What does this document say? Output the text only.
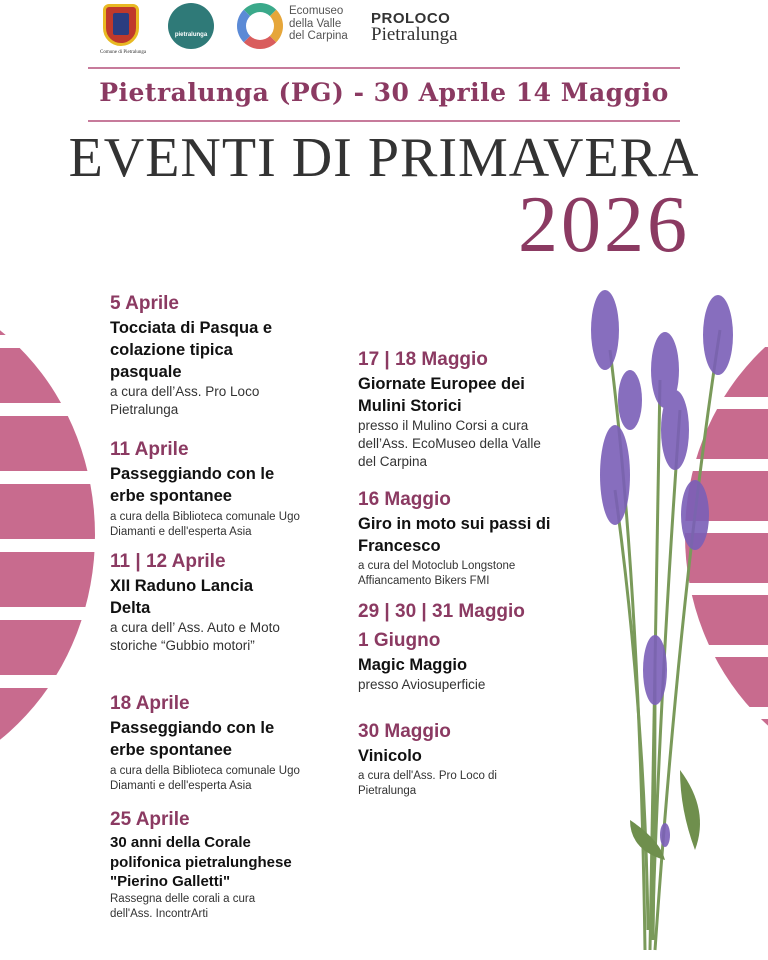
Comune di Pietralunga
pietralunga
Ecomuseo della Valle del Carpina
PROLOCO
Pietralunga
Pietralunga (PG) - 30 Aprile 14 Maggio
EVENTI DI PRIMAVERA
2026
5 Aprile
Tocciata di Pasqua e colazione tipica pasquale
a cura dell’Ass. Pro Loco Pietralunga
11 Aprile
Passeggiando con le erbe spontanee
a cura della Biblioteca comunale Ugo Diamanti e dell'esperta Asia
11 | 12 Aprile
XII Raduno Lancia Delta
a cura dell’ Ass. Auto e Moto storiche “Gubbio motori”
18 Aprile
Passeggiando con le erbe spontanee
a cura della Biblioteca comunale Ugo Diamanti e dell'esperta Asia
25 Aprile
30 anni della Corale polifonica pietralunghese "Pierino Galletti"
Rassegna delle corali a cura dell'Ass. IncontrArti
17 | 18 Maggio
Giornate Europee dei Mulini Storici
presso il Mulino Corsi a cura dell’Ass. EcoMuseo della Valle del Carpina
16 Maggio
Giro in moto sui passi di Francesco
a cura del Motoclub Longstone Affiancamento Bikers FMI
29 | 30 | 31 Maggio
1 Giugno
Magic Maggio
presso Aviosuperficie
30 Maggio
Vinicolo
a cura dell'Ass. Pro Loco di Pietralunga
